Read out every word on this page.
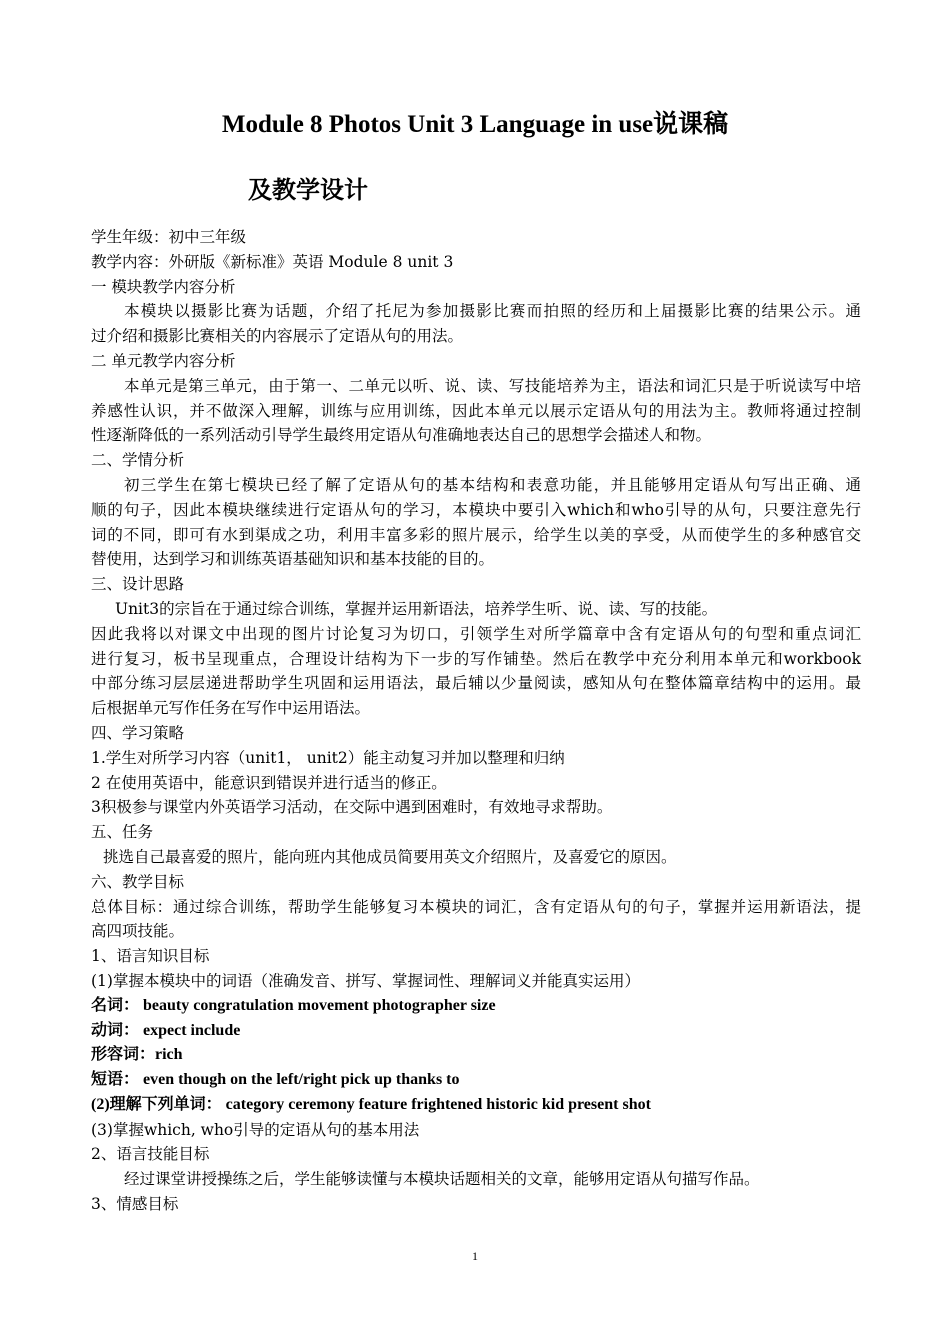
Module 8 Photos Unit 3 Language in use说课稿
及教学设计
学生年级：初中三年级
教学内容：外研版《新标准》英语 Module 8 unit 3
一 模块教学内容分析
本模块以摄影比赛为话题，介绍了托尼为参加摄影比赛而拍照的经历和上届摄影比赛的结果公示。通
过介绍和摄影比赛相关的内容展示了定语从句的用法。
二 单元教学内容分析
本单元是第三单元，由于第一、二单元以听、说、读、写技能培养为主，语法和词汇只是于听说读写中培
养感性认识，并不做深入理解，训练与应用训练，因此本单元以展示定语从句的用法为主。教师将通过控制
性逐渐降低的一系列活动引导学生最终用定语从句准确地表达自己的思想学会描述人和物。
二、学情分析
初三学生在第七模块已经了解了定语从句的基本结构和表意功能，并且能够用定语从句写出正确、通
顺的句子，因此本模块继续进行定语从句的学习，本模块中要引入which和who引导的从句，只要注意先行
词的不同，即可有水到渠成之功，利用丰富多彩的照片展示，给学生以美的享受，从而使学生的多种感官交
替使用，达到学习和训练英语基础知识和基本技能的目的。
三、设计思路
Unit3的宗旨在于通过综合训练，掌握并运用新语法，培养学生听、说、读、写的技能。
因此我将以对课文中出现的图片讨论复习为切口，引领学生对所学篇章中含有定语从句的句型和重点词汇
进行复习，板书呈现重点，合理设计结构为下一步的写作铺垫。然后在教学中充分利用本单元和workbook
中部分练习层层递进帮助学生巩固和运用语法，最后辅以少量阅读，感知从句在整体篇章结构中的运用。最
后根据单元写作任务在写作中运用语法。
四、学习策略
1.学生对所学习内容（unit1， unit2）能主动复习并加以整理和归纳
2 在使用英语中，能意识到错误并进行适当的修正。
3积极参与课堂内外英语学习活动，在交际中遇到困难时，有效地寻求帮助。
五、任务
挑选自己最喜爱的照片，能向班内其他成员简要用英文介绍照片，及喜爱它的原因。
六、教学目标
总体目标：通过综合训练，帮助学生能够复习本模块的词汇，含有定语从句的句子，掌握并运用新语法，提
高四项技能。
1、语言知识目标
(1)掌握本模块中的词语（准确发音、拼写、掌握词性、理解词义并能真实运用）
名词： beauty congratulation movement photographer size
动词： expect include
形容词：rich
短语： even though on the left/right pick up thanks to
(2)理解下列单词： category ceremony feature frightened historic kid present shot
(3)掌握which, who引导的定语从句的基本用法
2、语言技能目标
经过课堂讲授操练之后，学生能够读懂与本模块话题相关的文章，能够用定语从句描写作品。
3、情感目标
1
